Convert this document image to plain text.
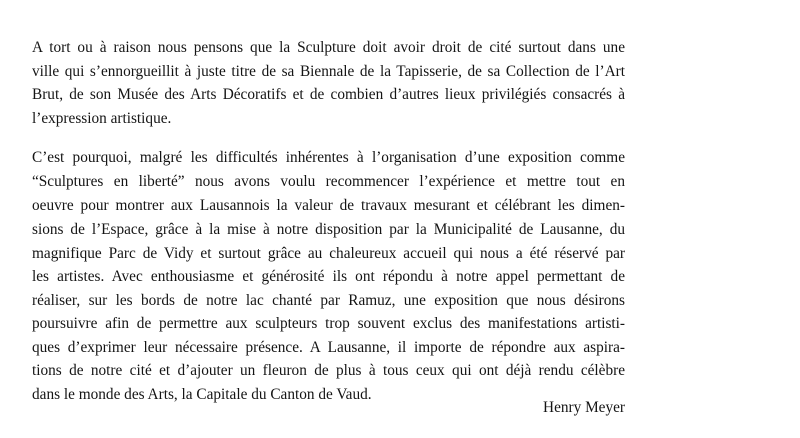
A tort ou à raison nous pensons que la Sculpture doit avoir droit de cité surtout dans une
ville qui s’ennorgueillit à juste titre de sa Biennale de la Tapisserie, de sa Collection de l’Art
Brut, de son Musée des Arts Décoratifs et de combien d’autres lieux privilégiés consacrés à
l’expression artistique.
C’est pourquoi, malgré les difficultés inhérentes à l’organisation d’une exposition comme
“Sculptures en liberté” nous avons voulu recommencer l’expérience et mettre tout en
oeuvre pour montrer aux Lausannois la valeur de travaux mesurant et célébrant les dimen-
sions de l’Espace, grâce à la mise à notre disposition par la Municipalité de Lausanne, du
magnifique Parc de Vidy et surtout grâce au chaleureux accueil qui nous a été réservé par
les artistes. Avec enthousiasme et générosité ils ont répondu à notre appel permettant de
réaliser, sur les bords de notre lac chanté par Ramuz, une exposition que nous désirons
poursuivre afin de permettre aux sculpteurs trop souvent exclus des manifestations artisti-
ques d’exprimer leur nécessaire présence. A Lausanne, il importe de répondre aux aspira-
tions de notre cité et d’ajouter un fleuron de plus à tous ceux qui ont déjà rendu célèbre
dans le monde des Arts, la Capitale du Canton de Vaud.
Henry Meyer
